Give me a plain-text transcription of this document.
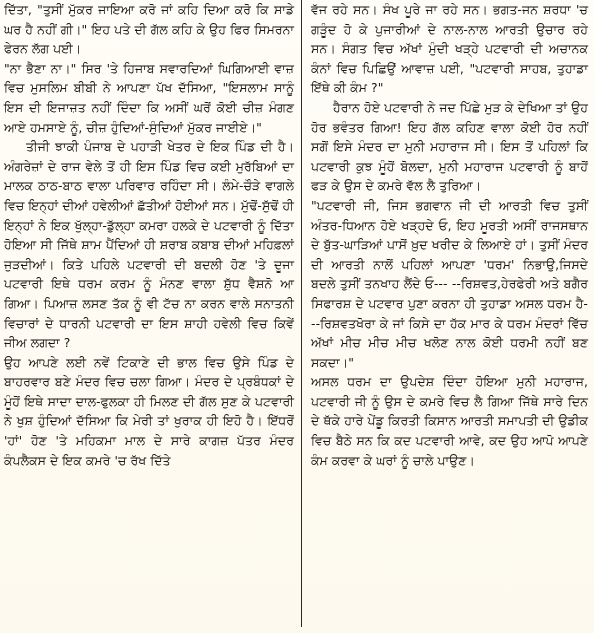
ਦਿੱਤਾ, "ਤੁਸੀਂ ਮੁੱਕਰ ਜਾਇਆ ਕਰੋ ਜਾਂ ਕਹਿ ਦਿਆ ਕਰੋ ਕਿ ਸਾਡੇ ਘਰ ਹੈ ਨਹੀਂ ਗੀ।" ਇਹ ਪਤੇ ਦੀ ਗੱਲ ਕਹਿ ਕੇ ਉਹ ਫਿਰ ਸਿਮਰਨਾ ਫੇਰਨ ਲੱਗ ਪਈ।

"ਨਾ ਭੈਣਾ ਨਾ।" ਸਿਰ 'ਤੇ ਹਿਜਾਬ ਸਵਾਰਦਿਆਂ ਘਿਗਿਆਈ ਵਾਜ਼ ਵਿਚ ਮੁਸਲਿਮ ਬੀਬੀ ਨੇ ਆਪਣਾ ਪੱਖ ਦੱਸਿਆ, "ਇਸਲਾਮ ਸਾਨੂੰ ਇਸ ਦੀ ਇਜਾਜ਼ਤ ਨਹੀਂ ਦਿੰਦਾ ਕਿ ਅਸੀਂ ਘਰੋਂ ਕੋਈ ਚੀਜ਼ ਮੰਗਣ ਆਏ ਹਮਸਾਏ ਨੂੰ, ਚੀਜ਼ ਹੁੰਦਿਆਂ-ਸੁੰਦਿਆਂ ਮੁੱਕਰ ਜਾਈਏ।"

ਤੀਜੀ ਝਾਕੀ ਪੰਜਾਬ ਦੇ ਪਹਾੜੀ ਖੇਤਰ ਦੇ ਇਕ ਪਿੰਡ ਦੀ ਹੈ। ਅੰਗਰੇਜ਼ਾਂ ਦੇ ਰਾਜ ਵੇਲੇ ਤੋਂ ਹੀ ਇਸ ਪਿੰਡ ਵਿਚ ਕਈ ਮੁਰੱਬਿਆਂ ਦਾ ਮਾਲਕ ਠਾਠ-ਬਾਠ ਵਾਲਾ ਪਰਿਵਾਰ ਰਹਿੰਦਾ ਸੀ। ਲੰਮੇ-ਚੌੜੇ ਵਾਗਲੇ ਵਿਚ ਇਨ੍ਹਾਂ ਦੀਆਂ ਹਵੇਲੀਆਂ ਛੱਤੀਆਂ ਹੋਈਆਂ ਸਨ। ਮੁੱਢੋਂ-ਸੁੱਢੋਂ ਹੀ ਇਨ੍ਹਾਂ ਨੇ ਇਕ ਖੁੱਲ੍ਹਾ-ਡੁੱਲ੍ਹਾ ਕਮਰਾ ਹਲਕੇ ਦੇ ਪਟਵਾਰੀ ਨੂੰ ਦਿੱਤਾ ਹੋਇਆ ਸੀ ਜਿੱਥੇ ਸ਼ਾਮ ਪੈਂਦਿਆਂ ਹੀ ਸ਼ਰਾਬ ਕਬਾਬ ਦੀਆਂ ਮਹਿਫ਼ਲਾਂ ਜੁੜਦੀਆਂ। ਕਿਤੇ ਪਹਿਲੇ ਪਟਵਾਰੀ ਦੀ ਬਦਲੀ ਹੋਣ 'ਤੇ ਦੂਜਾ ਪਟਵਾਰੀ ਇਥੇ ਧਰਮ ਕਰਮ ਨੂੰ ਮੰਨਣ ਵਾਲਾ ਸ਼ੁੱਧ ਵੈਸ਼ਨੋ ਆ ਗਿਆ। ਪਿਆਜ਼ ਲਸਣ ਤੱਕ ਨੂੰ ਵੀ ਟੱਚ ਨਾ ਕਰਨ ਵਾਲੇ ਸਨਾਤਨੀ ਵਿਚਾਰਾਂ ਦੇ ਧਾਰਨੀ ਪਟਵਾਰੀ ਦਾ ਇਸ ਸ਼ਾਹੀ ਹਵੇਲੀ ਵਿਚ ਕਿਵੇਂ ਜੀਅ ਲਗਦਾ ?

ਉਹ ਆਪਣੇ ਲਈ ਨਵੇਂ ਟਿਕਾਣੇ ਦੀ ਭਾਲ ਵਿਚ ਉਸੇ ਪਿੰਡ ਦੇ ਬਾਹਰਵਾਰ ਬਣੇ ਮੰਦਰ ਵਿਚ ਚਲਾ ਗਿਆ। ਮੰਦਰ ਦੇ ਪ੍ਰਬੰਧਕਾਂ ਦੇ ਮੂੰਹੋਂ ਇਥੇ ਸਾਦਾ ਦਾਲ-ਫੁਲਕਾ ਹੀ ਮਿਲਣ ਦੀ ਗੱਲ ਸੁਣ ਕੇ ਪਟਵਾਰੀ ਨੇ ਖੁਸ਼ ਹੁੰਦਿਆਂ ਦੱਸਿਆ ਕਿ ਮੇਰੀ ਤਾਂ ਖੁਰਾਕ ਹੀ ਇਹੋ ਹੈ। ਇੱਧਰੋਂ 'ਹਾਂ' ਹੋਣ 'ਤੇ ਮਹਿਕਮਾ ਮਾਲ ਦੇ ਸਾਰੇ ਕਾਗਜ਼ ਪੱਤਰ ਮੰਦਰ ਕੰਪਲੈਕਸ ਦੇ ਇਕ ਕਮਰੇ 'ਚ ਰੱਖ ਦਿੱਤੇ

ਵੱਜ ਰਹੇ ਸਨ। ਸੰਖ ਪੂਰੇ ਜਾ ਰਹੇ ਸਨ। ਭਗਤ-ਜਨ ਸ਼ਰਧਾ 'ਚ ਗੜੂੰਦ ਹੋ ਕੇ ਪੁਜਾਰੀਆਂ ਦੇ ਨਾਲ-ਨਾਲ ਆਰਤੀ ਉਚਾਰ ਰਹੇ ਸਨ। ਸੰਗਤ ਵਿਚ ਅੱਖਾਂ ਮੁੰਦੀ ਖੜ੍ਹੇ ਪਟਵਾਰੀ ਦੀ ਅਚਾਨਕ ਕੰਨਾਂ ਵਿਚ ਪਿਛਿਉਂ ਆਵਾਜ਼ ਪਈ, "ਪਟਵਾਰੀ ਸਾਹਬ, ਤੁਹਾਡਾ ਇੱਥੇ ਕੀ ਕੰਮ ?"

ਹੈਰਾਨ ਹੋਏ ਪਟਵਾਰੀ ਨੇ ਜਦ ਪਿੱਛੇ ਮੁੜ ਕੇ ਦੇਖਿਆ ਤਾਂ ਉਹ ਹੋਰ ਭਵੰਤਰ ਗਿਆ! ਇਹ ਗੱਲ ਕਹਿਣ ਵਾਲਾ ਕੋਈ ਹੋਰ ਨਹੀਂ ਸਗੋਂ ਇਸੇ ਮੰਦਰ ਦਾ ਮੁਨੀ ਮਹਾਰਾਜ ਸੀ। ਇਸ ਤੋਂ ਪਹਿਲਾਂ ਕਿ ਪਟਵਾਰੀ ਕੁਝ ਮੂੰਹੋਂ ਬੋਲਦਾ, ਮੁਨੀ ਮਹਾਰਾਜ ਪਟਵਾਰੀ ਨੂੰ ਬਾਹੋਂ ਫੜ ਕੇ ਉਸ ਦੇ ਕਮਰੇ ਵੱਲ ਲੈ ਤੁਰਿਆ।

"ਪਟਵਾਰੀ ਜੀ, ਜਿਸ ਭਗਵਾਨ ਜੀ ਦੀ ਆਰਤੀ ਵਿਚ ਤੁਸੀਂ ਅੰਤਰ-ਧਿਆਨ ਹੋਏ ਖੜ੍ਹਦੇ ਓ, ਇਹ ਮੂਰਤੀ ਅਸੀਂ ਰਾਜਸਥਾਨ ਦੇ ਬੁੱਤ-ਘਾੜਿਆਂ ਪਾਸੋਂ ਖ਼ੁਦ ਖਰੀਦ ਕੇ ਲਿਆਏ ਹਾਂ। ਤੁਸੀਂ ਮੰਦਰ ਦੀ ਆਰਤੀ ਨਾਲੋਂ ਪਹਿਲਾਂ ਆਪਣਾ 'ਧਰਮ' ਨਿਭਾਉ,ਜਿਸਦੇ ਬਦਲੇ ਤੁਸੀਂ ਤਨਖਾਹ ਲੈਂਦੇ ਓ--- --ਰਿਸ਼ਵਤ,ਹੇਰਫੇਰੀ ਅਤੇ ਬਗੈਰ ਸਿਫਾਰਸ਼ ਦੇ ਪਟਵਾਰ ਪੁਣਾ ਕਰਨਾ ਹੀ ਤੁਹਾਡਾ ਅਸਲ ਧਰਮ ਹੈ- --ਰਿਸ਼ਵਤਖੋਰਾ ਕੇ ਜਾਂ ਕਿਸੇ ਦਾ ਹੱਕ ਮਾਰ ਕੇ ਧਰਮ ਮੰਦਰਾਂ ਵਿੱਚ ਅੱਖਾਂ ਮੀਚ ਮੀਚ ਮੀਚ ਖਲੋਣ ਨਾਲ ਕੋਈ ਧਰਮੀ ਨਹੀਂ ਬਣ ਸਕਦਾ।"

ਅਸਲ ਧਰਮ ਦਾ ਉਪਦੇਸ਼ ਦਿੰਦਾ ਹੋਇਆ ਮੁਨੀ ਮਹਾਰਾਜ, ਪਟਵਾਰੀ ਜੀ ਨੂੰ ਉਸ ਦੇ ਕਮਰੇ ਵਿਚ ਲੈ ਗਿਆ ਜਿੱਥੇ ਸਾਰੇ ਦਿਨ ਦੇ ਥੱਕੇ ਹਾਰੇ ਪੇਂਡੂ ਕਿਰਤੀ ਕਿਸਾਨ ਆਰਤੀ ਸਮਾਪਤੀ ਦੀ ਉਡੀਕ ਵਿਚ ਬੈਠੇ ਸਨ ਕਿ ਕਦ ਪਟਵਾਰੀ ਆਵੇ, ਕਦ ਉਹ ਆਪੋ ਆਪਣੇ ਕੰਮ ਕਰਵਾ ਕੇ ਘਰਾਂ ਨੂੰ ਚਾਲੇ ਪਾਉਣ।
